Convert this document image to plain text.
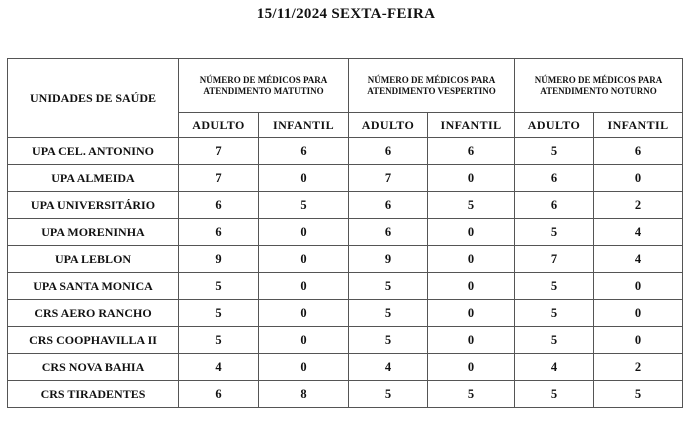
15/11/2024 SEXTA-FEIRA
UNIDADES DE SAÚDE	NÚMERO DE MÉDICOS PARA ATENDIMENTO MATUTINO		NÚMERO DE MÉDICOS PARA ATENDIMENTO VESPERTINO		NÚMERO DE MÉDICOS PARA ATENDIMENTO NOTURNO	
	ADULTO	INFANTIL	ADULTO	INFANTIL	ADULTO	INFANTIL
UPA CEL. ANTONINO	7	6	6	6	5	6
UPA ALMEIDA	7	0	7	0	6	0
UPA UNIVERSITÁRIO	6	5	6	5	6	2
UPA MORENINHA	6	0	6	0	5	4
UPA LEBLON	9	0	9	0	7	4
UPA SANTA MONICA	5	0	5	0	5	0
CRS AERO RANCHO	5	0	5	0	5	0
CRS COOPHAVILLA II	5	0	5	0	5	0
CRS NOVA BAHIA	4	0	4	0	4	2
CRS TIRADENTES	6	8	5	5	5	5
